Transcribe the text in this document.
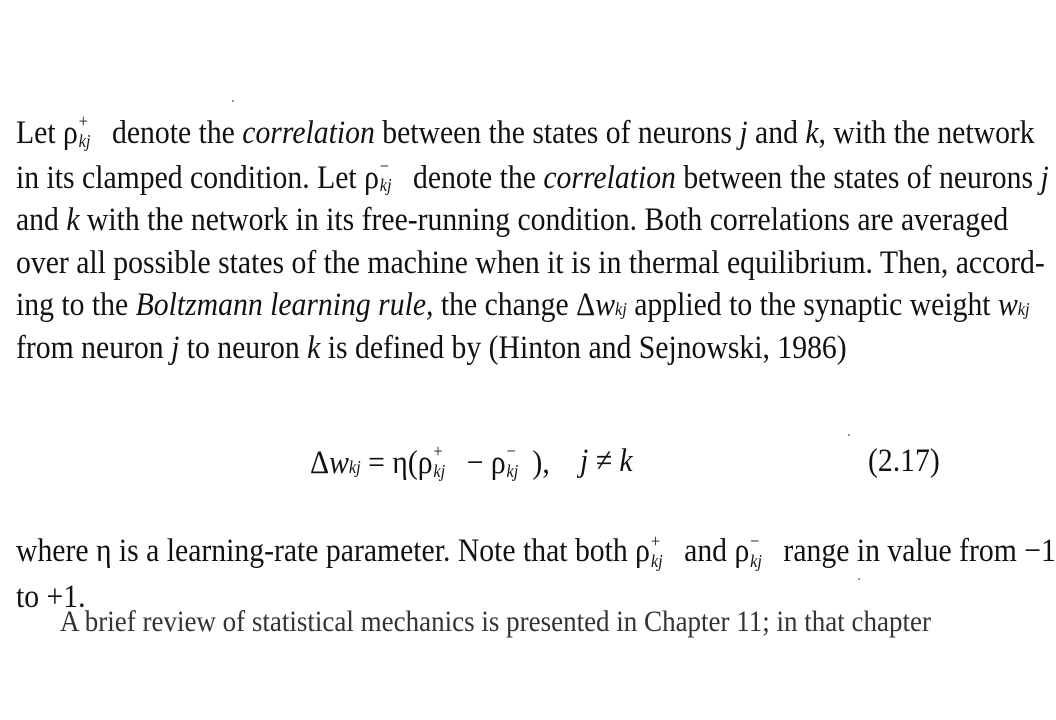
Let ρ +
kj denote the correlation between the states of neurons j and k, with the network
in its clamped condition. Let ρ −
kj denote the correlation between the states of neurons j
and k with the network in its free-running condition. Both correlations are averaged
over all possible states of the machine when it is in thermal equilibrium. Then, accord-
ing to the Boltzmann learning rule, the change Δwkj applied to the synaptic weight wkj
from neuron j to neuron k is defined by (Hinton and Sejnowski, 1986)
Δwkj = η(ρ +
kj − ρ −
kj ), j ≠ k	(2.17)
where η is a learning-rate parameter. Note that both ρ +
kj and ρ −
kj range in value from −1
to +1.
A brief review of statistical mechanics is presented in Chapter 11; in that chapter
